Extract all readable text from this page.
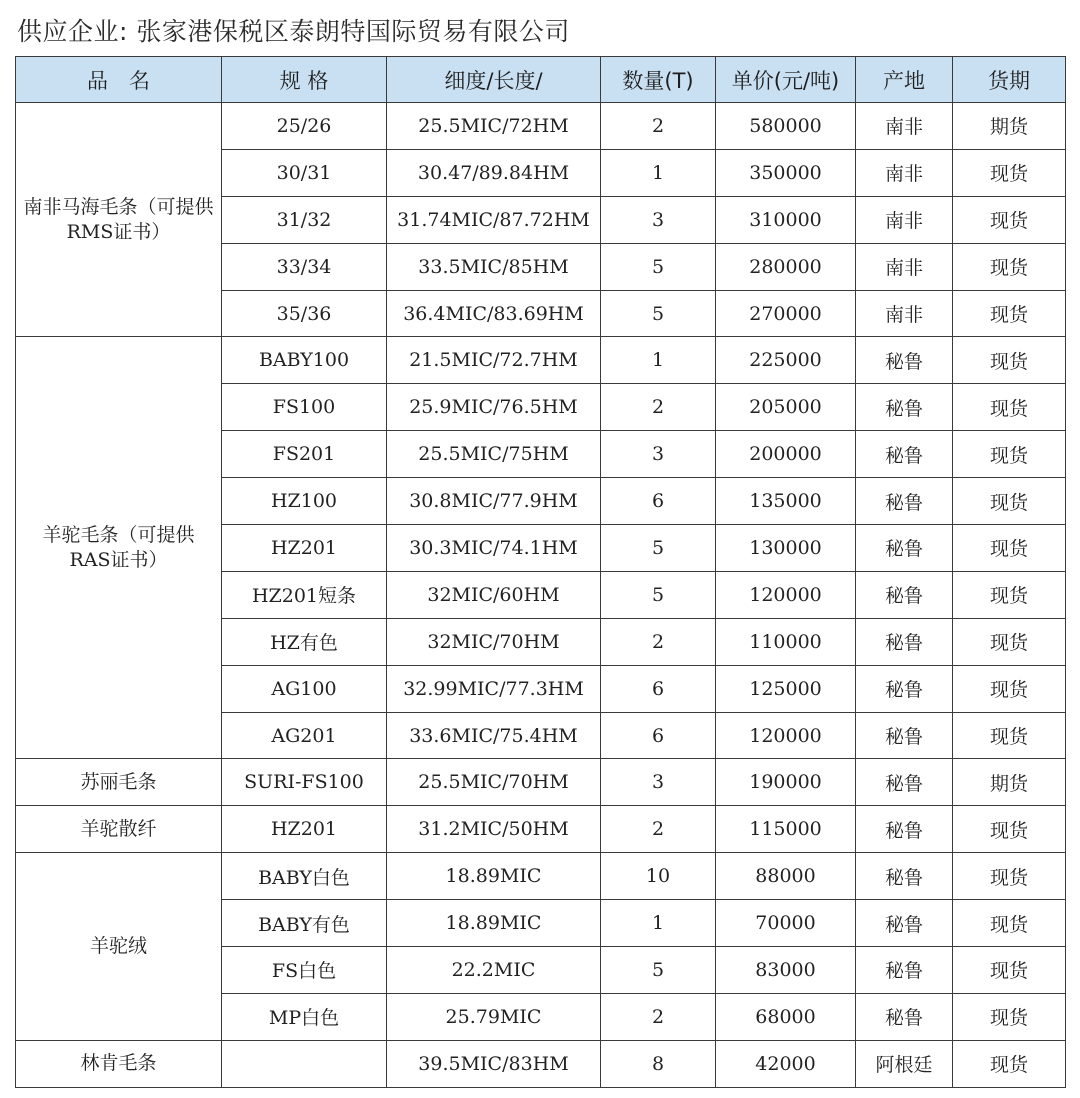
供应企业: 张家港保税区泰朗特国际贸易有限公司
品　名	规 格	细度/长度/	数量(T)	单价(元/吨)	产地	货期
南非马海毛条（可提供RMS证书）	25/26	25.5MIC/72HM	2	580000	南非	期货
	30/31	30.47/89.84HM	1	350000	南非	现货
	31/32	31.74MIC/87.72HM	3	310000	南非	现货
	33/34	33.5MIC/85HM	5	280000	南非	现货
	35/36	36.4MIC/83.69HM	5	270000	南非	现货
羊驼毛条（可提供RAS证书）	BABY100	21.5MIC/72.7HM	1	225000	秘鲁	现货
	FS100	25.9MIC/76.5HM	2	205000	秘鲁	现货
	FS201	25.5MIC/75HM	3	200000	秘鲁	现货
	HZ100	30.8MIC/77.9HM	6	135000	秘鲁	现货
	HZ201	30.3MIC/74.1HM	5	130000	秘鲁	现货
	HZ201短条	32MIC/60HM	5	120000	秘鲁	现货
	HZ有色	32MIC/70HM	2	110000	秘鲁	现货
	AG100	32.99MIC/77.3HM	6	125000	秘鲁	现货
	AG201	33.6MIC/75.4HM	6	120000	秘鲁	现货
苏丽毛条	SURI-FS100	25.5MIC/70HM	3	190000	秘鲁	期货
羊驼散纤	HZ201	31.2MIC/50HM	2	115000	秘鲁	现货
羊驼绒	BABY白色	18.89MIC	10	88000	秘鲁	现货
	BABY有色	18.89MIC	1	70000	秘鲁	现货
	FS白色	22.2MIC	5	83000	秘鲁	现货
	MP白色	25.79MIC	2	68000	秘鲁	现货
林肯毛条		39.5MIC/83HM	8	42000	阿根廷	现货
